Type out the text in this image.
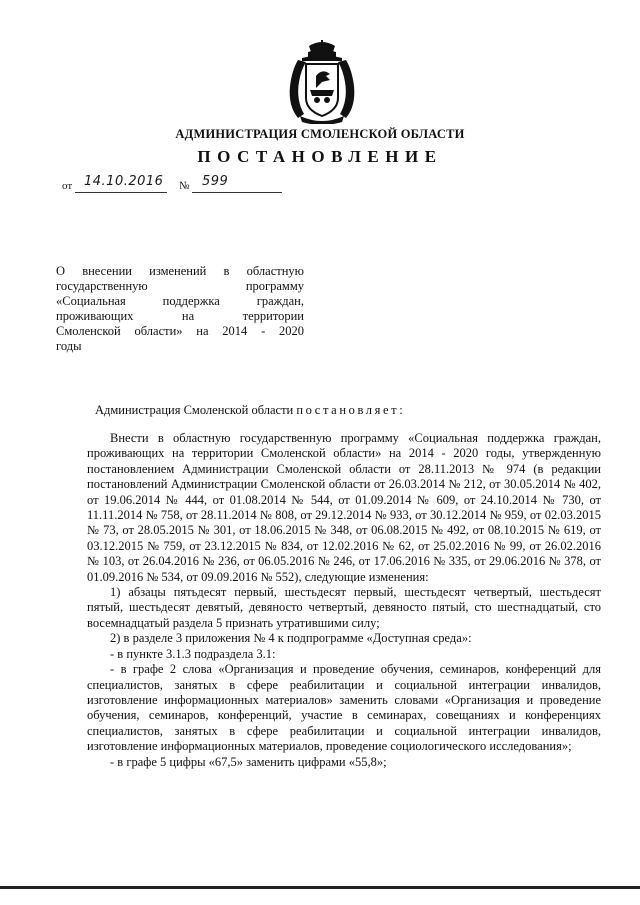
АДМИНИСТРАЦИЯ СМОЛЕНСКОЙ ОБЛАСТИ
ПОСТАНОВЛЕНИЕ
от 14.10.2016 № 599
О внесении изменений в областную
государственную программу
«Социальная поддержка граждан,
проживающих на территории
Смоленской области» на 2014 - 2020
годы
Администрация Смоленской области постановляет:

Внести в областную государственную программу «Социальная поддержка граждан, проживающих на территории Смоленской области» на 2014 - 2020 годы, утвержденную постановлением Администрации Смоленской области от 28.11.2013 № 974 (в редакции постановлений Администрации Смоленской области от 26.03.2014 № 212, от 30.05.2014 № 402, от 19.06.2014 № 444, от 01.08.2014 № 544, от 01.09.2014 № 609, от 24.10.2014 № 730, от 11.11.2014 № 758, от 28.11.2014 № 808, от 29.12.2014 № 933, от 30.12.2014 № 959, от 02.03.2015 № 73, от 28.05.2015 № 301, от 18.06.2015 № 348, от 06.08.2015 № 492, от 08.10.2015 № 619, от 03.12.2015 № 759, от 23.12.2015 № 834, от 12.02.2016 № 62, от 25.02.2016 № 99, от 26.02.2016 № 103, от 26.04.2016 № 236, от 06.05.2016 № 246, от 17.06.2016 № 335, от 29.06.2016 № 378, от 01.09.2016 № 534, от 09.09.2016 № 552), следующие изменения:

1) абзацы пятьдесят первый, шестьдесят первый, шестьдесят четвертый, шестьдесят пятый, шестьдесят девятый, девяносто четвертый, девяносто пятый, сто шестнадцатый, сто восемнадцатый раздела 5 признать утратившими силу;

2) в разделе 3 приложения № 4 к подпрограмме «Доступная среда»:

- в пункте 3.1.3 подраздела 3.1:

- в графе 2 слова «Организация и проведение обучения, семинаров, конференций для специалистов, занятых в сфере реабилитации и социальной интеграции инвалидов, изготовление информационных материалов» заменить словами «Организация и проведение обучения, семинаров, конференций, участие в семинарах, совещаниях и конференциях специалистов, занятых в сфере реабилитации и социальной интеграции инвалидов, изготовление информационных материалов, проведение социологического исследования»;

- в графе 5 цифры «67,5» заменить цифрами «55,8»;
